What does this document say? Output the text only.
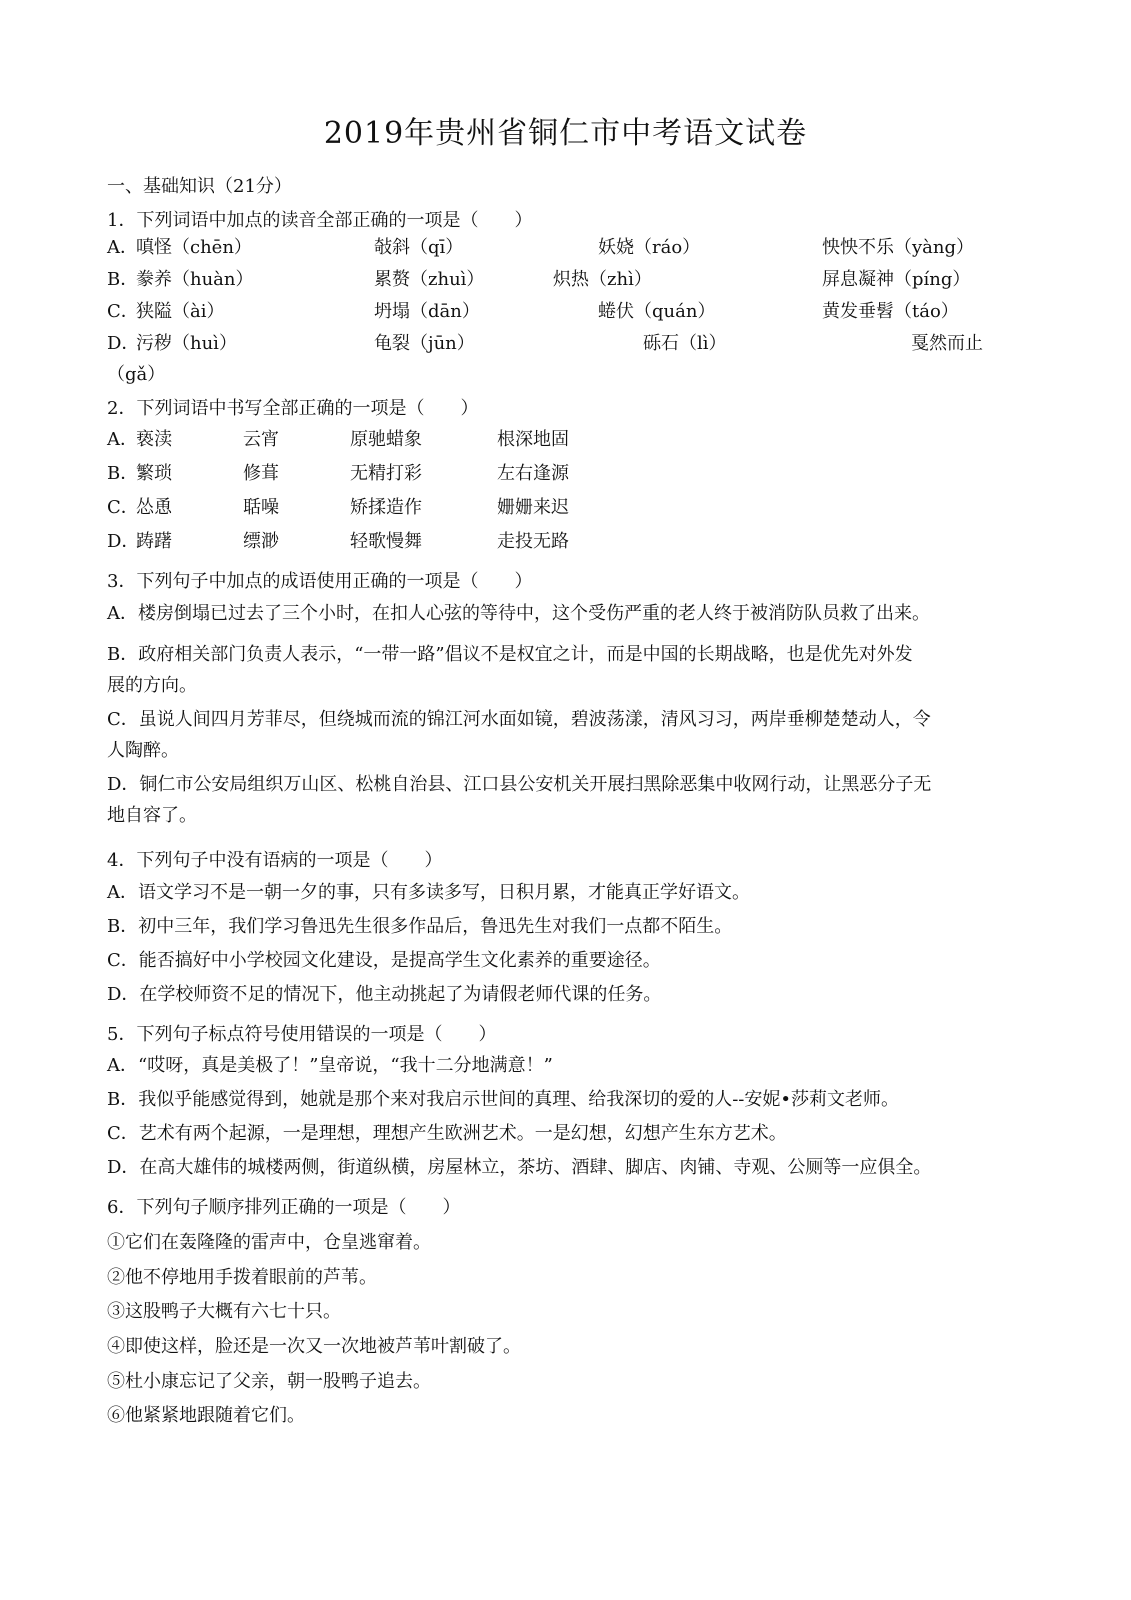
2019年贵州省铜仁市中考语文试卷
一、基础知识（21分）
1．下列词语中加点的读音全部正确的一项是（　　）
A．
嗔怪（chēn）	敧斜（qī）	妖娆（ráo）	怏怏不乐（yàng）
B．
豢养（huàn）	累赘（zhuì）	炽热（zhì）	屏息凝神（píng）
C．
狭隘（ài）	坍塌（dān）	蜷伏（quán）	黄发垂髫（táo）
D．
污秽（huì）	龟裂（jūn）	砾石（lì）	戛然而止
（gǎ）
2．下列词语中书写全部正确的一项是（　　）
A．
亵渎	云宵	原驰蜡象	根深地固
B．
繁琐	修葺	无精打彩	左右逢源
C．
怂恿	聒噪	矫揉造作	姗姗来迟
D．
踌躇	缥渺	轻歌慢舞	走投无路
3．下列句子中加点的成语使用正确的一项是（　　）
A．楼房倒塌已过去了三个小时，在扣人心弦的等待中，这个受伤严重的老人终于被消防队员救了出来。
B．政府相关部门负责人表示，“一带一路”倡议不是权宜之计，而是中国的长期战略，也是优先对外发
展的方向。
C．虽说人间四月芳菲尽，但绕城而流的锦江河水面如镜，碧波荡漾，清风习习，两岸垂柳楚楚动人，令
人陶醉。
D．铜仁市公安局组织万山区、松桃自治县、江口县公安机关开展扫黑除恶集中收网行动，让黑恶分子无
地自容了。
4．下列句子中没有语病的一项是（　　）
A．语文学习不是一朝一夕的事，只有多读多写，日积月累，才能真正学好语文。
B．初中三年，我们学习鲁迅先生很多作品后，鲁迅先生对我们一点都不陌生。
C．能否搞好中小学校园文化建设，是提高学生文化素养的重要途径。
D．在学校师资不足的情况下，他主动挑起了为请假老师代课的任务。
5．下列句子标点符号使用错误的一项是（　　）
A．“哎呀，真是美极了！”皇帝说，“我十二分地满意！”
B．我似乎能感觉得到，她就是那个来对我启示世间的真理、给我深切的爱的人--安妮•莎莉文老师。
C．艺术有两个起源，一是理想，理想产生欧洲艺术。一是幻想，幻想产生东方艺术。
D．在高大雄伟的城楼两侧，街道纵横，房屋林立，茶坊、酒肆、脚店、肉铺、寺观、公厕等一应俱全。
6．下列句子顺序排列正确的一项是（　　）
①它们在轰隆隆的雷声中，仓皇逃窜着。
②他不停地用手拨着眼前的芦苇。
③这股鸭子大概有六七十只。
④即使这样，脸还是一次又一次地被芦苇叶割破了。
⑤杜小康忘记了父亲，朝一股鸭子追去。
⑥他紧紧地跟随着它们。
